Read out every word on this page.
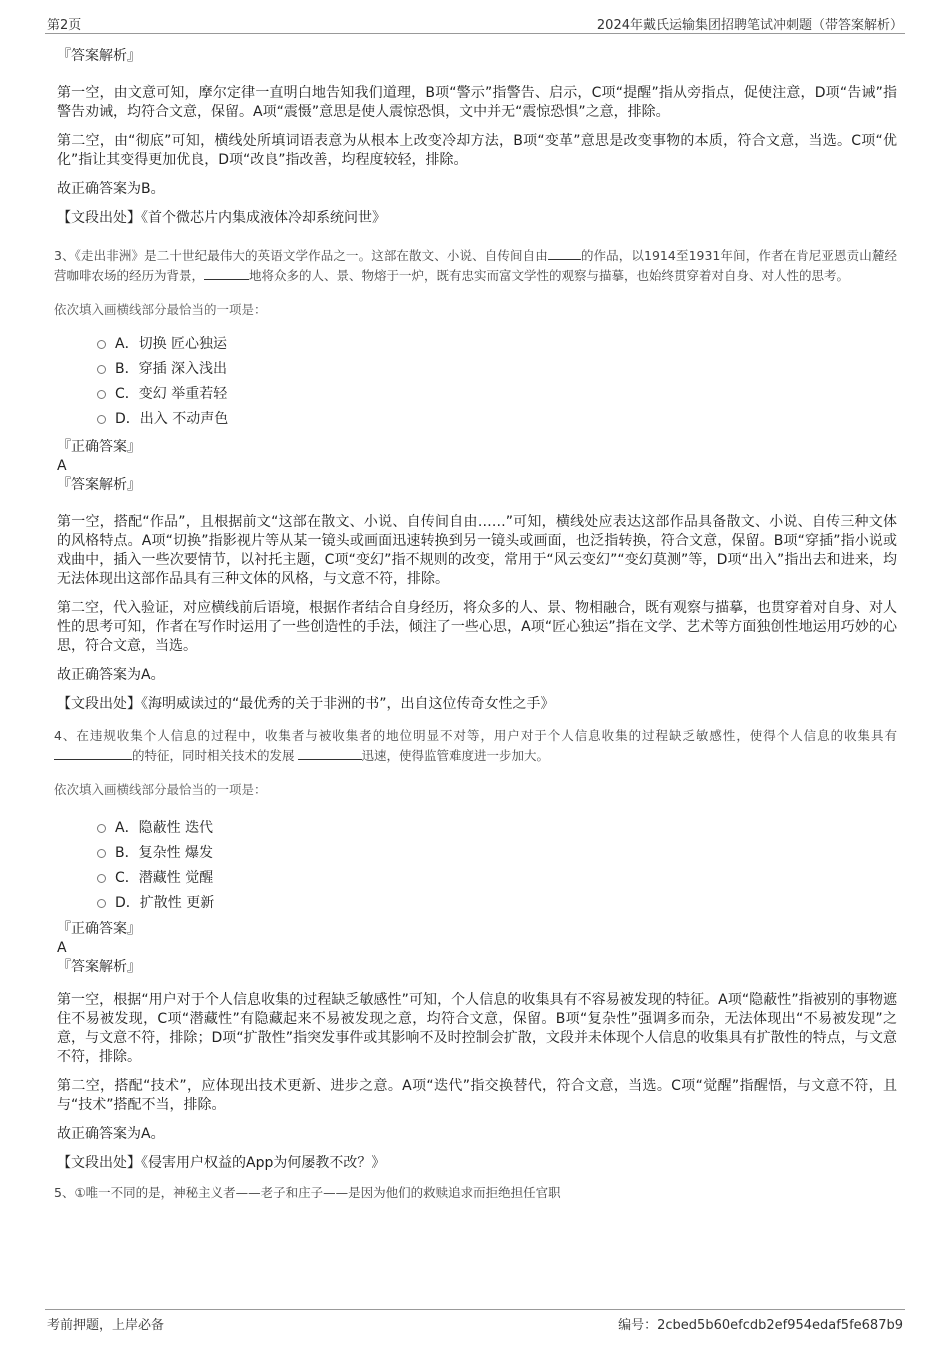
第2页	2024年戴氏运输集团招聘笔试冲刺题（带答案解析）

『答案解析』

第一空，由文意可知，摩尔定律一直明白地告知我们道理，B项“警示”指警告、启示，C项“提醒”指从旁指点，促使注意，D项“告诫”指警告劝诫，均符合文意，保留。A项“震慑”意思是使人震惊恐惧，文中并无“震惊恐惧”之意，排除。

第二空，由“彻底”可知，横线处所填词语表意为从根本上改变冷却方法，B项“变革”意思是改变事物的本质，符合文意，当选。C项“优化”指让其变得更加优良，D项“改良”指改善，均程度较轻，排除。

故正确答案为B。

【文段出处】《首个微芯片内集成液体冷却系统问世》

3、《走出非洲》是二十世纪最伟大的英语文学作品之一。这部在散文、小说、自传间自由	的作品，以1914至1931年间，作者在肯尼亚恩贡山麓经营咖啡农场的经历为背景，	地将众多的人、景、物熔于一炉，既有忠实而富文学性的观察与描摹，也始终贯穿着对自身、对人性的思考。

依次填入画横线部分最恰当的一项是：

A． 切换 匠心独运
B． 穿插 深入浅出
C． 变幻 举重若轻
D． 出入 不动声色

『正确答案』

A

『答案解析』

第一空，搭配“作品”，且根据前文“这部在散文、小说、自传间自由……”可知，横线处应表达这部作品具备散文、小说、自传三种文体的风格特点。A项“切换”指影视片等从某一镜头或画面迅速转换到另一镜头或画面，也泛指转换，符合文意，保留。B项“穿插”指小说或戏曲中，插入一些次要情节，以衬托主题，C项“变幻”指不规则的改变，常用于“风云变幻”“变幻莫测”等，D项“出入”指出去和进来，均无法体现出这部作品具有三种文体的风格，与文意不符，排除。

第二空，代入验证，对应横线前后语境，根据作者结合自身经历，将众多的人、景、物相融合，既有观察与描摹，也贯穿着对自身、对人性的思考可知，作者在写作时运用了一些创造性的手法，倾注了一些心思，A项“匠心独运”指在文学、艺术等方面独创性地运用巧妙的心思，符合文意，当选。

故正确答案为A。

【文段出处】《海明威读过的“最优秀的关于非洲的书”，出自这位传奇女性之手》

4、在违规收集个人信息的过程中，收集者与被收集者的地位明显不对等，用户对于个人信息收集的过程缺乏敏感性，使得个人信息的收集具有的特征，同时相关技术的发展	迅速，使得监管难度进一步加大。

依次填入画横线部分最恰当的一项是：

A． 隐蔽性 迭代
B． 复杂性 爆发
C． 潜藏性 觉醒
D． 扩散性 更新

『正确答案』

A

『答案解析』

第一空，根据“用户对于个人信息收集的过程缺乏敏感性”可知，个人信息的收集具有不容易被发现的特征。A项“隐蔽性”指被别的事物遮住不易被发现，C项“潜藏性”有隐藏起来不易被发现之意，均符合文意，保留。B项“复杂性”强调多而杂，无法体现出“不易被发现”之意，与文意不符，排除；D项“扩散性”指突发事件或其影响不及时控制会扩散，文段并未体现个人信息的收集具有扩散性的特点，与文意不符，排除。

第二空，搭配“技术”，应体现出技术更新、进步之意。A项“迭代”指交换替代，符合文意，当选。C项“觉醒”指醒悟，与文意不符，且与“技术”搭配不当，排除。

故正确答案为A。

【文段出处】《侵害用户权益的App为何屡教不改？》

5、①唯一不同的是，神秘主义者——老子和庄子——是因为他们的救赎追求而拒绝担任官职

考前押题，上岸必备	编号：2cbed5b60efcdb2ef954edaf5fe687b9
